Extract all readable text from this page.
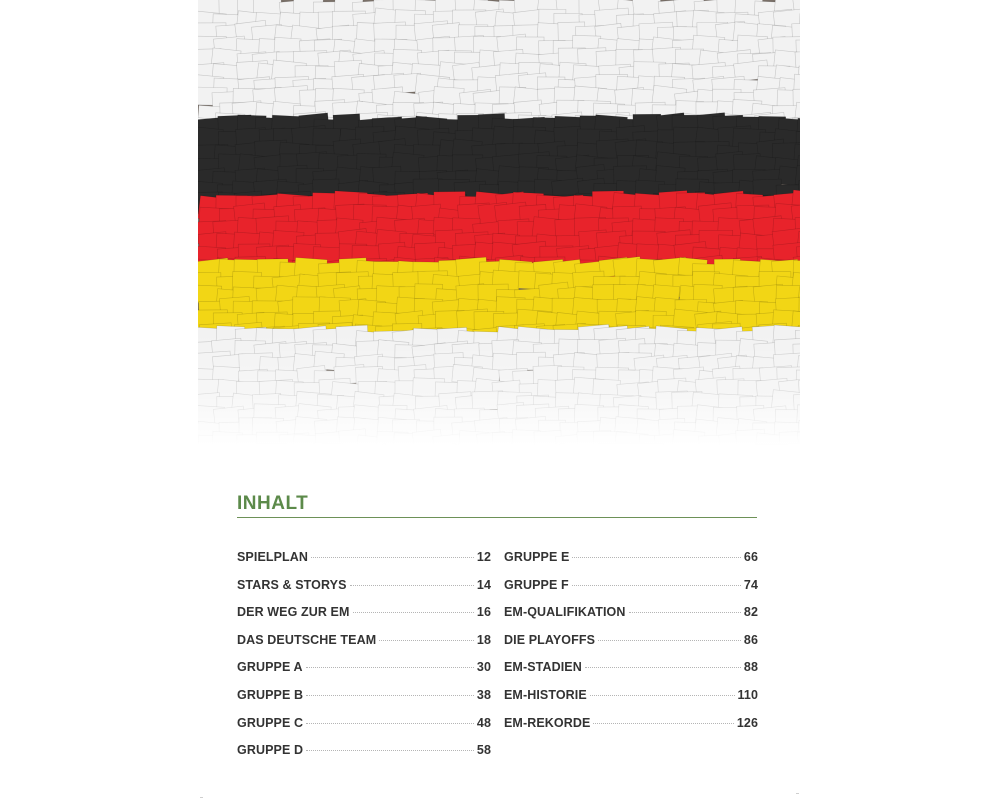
INHALT
SPIELPLAN	12
STARS & STORYS	14
DER WEG ZUR EM	16
DAS DEUTSCHE TEAM	18
GRUPPE A	30
GRUPPE B	38
GRUPPE C	48
GRUPPE D	58
GRUPPE E	66
GRUPPE F	74
EM-QUALIFIKATION	82
DIE PLAYOFFS	86
EM-STADIEN	88
EM-HISTORIE	110
EM-REKORDE	126
